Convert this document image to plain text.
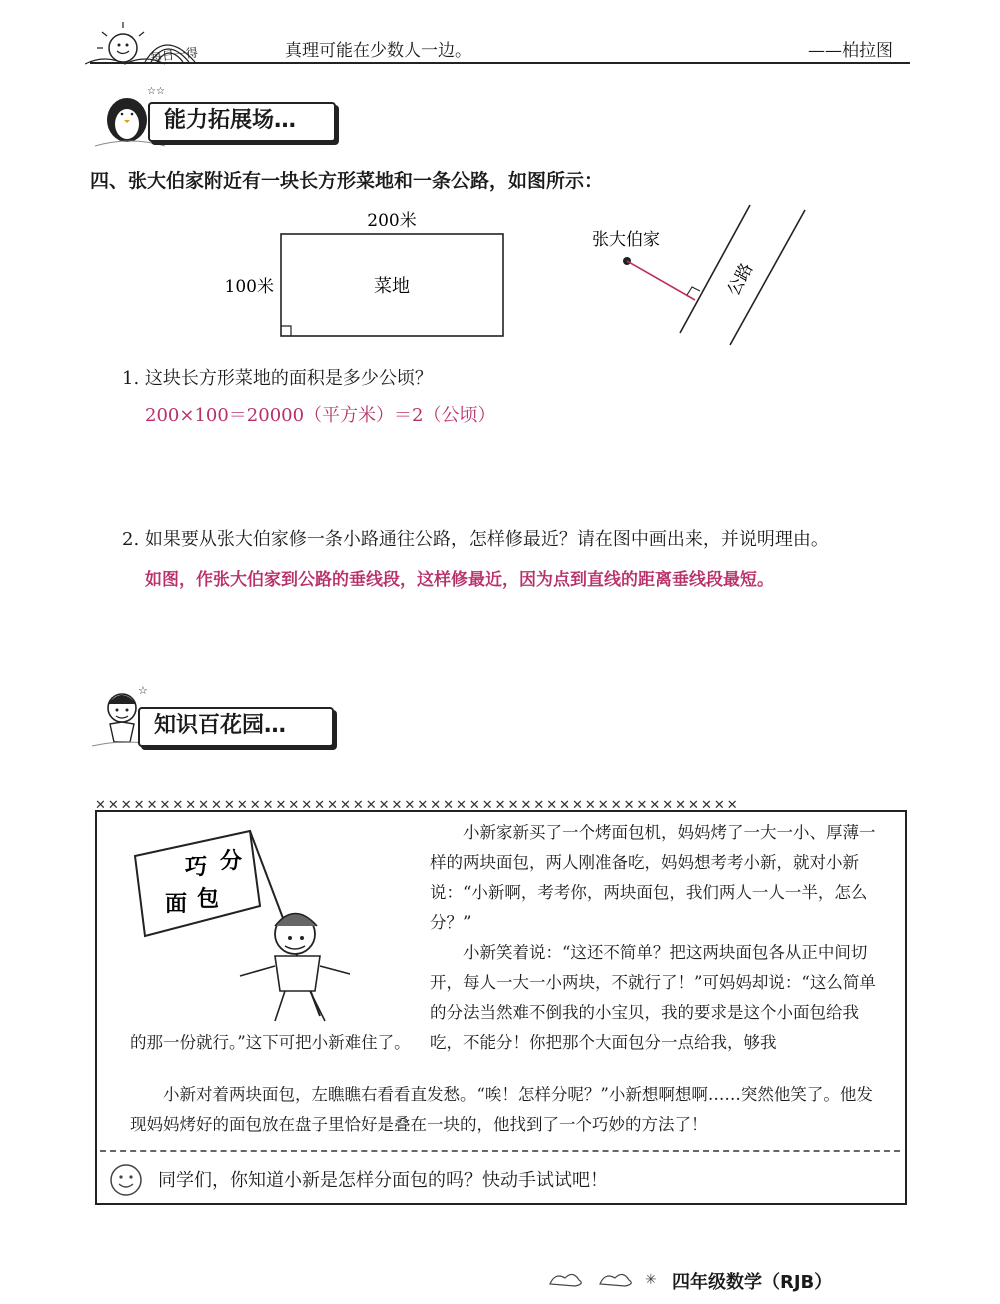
每日一得	真理可能在少数人一边。	——柏拉图
☆☆
能力拓展场…
四、张大伯家附近有一块长方形菜地和一条公路，如图所示：
200米
100米	菜地	公路
张大伯家
1. 这块长方形菜地的面积是多少公顷？
200×100＝20000（平方米）＝2（公顷）
2. 如果要从张大伯家修一条小路通往公路，怎样修最近？请在图中画出来，并说明理由。
如图，作张大伯家到公路的垂线段，这样修最近，因为点到直线的距离垂线段最短。
☆
知识百花园…
✕✕✕✕✕✕✕✕✕✕✕✕✕✕✕✕✕✕✕✕✕✕✕✕✕✕✕✕✕✕✕✕✕✕✕✕✕✕✕✕✕✕✕✕✕✕✕✕✕✕
巧 分
面 包
小新家新买了一个烤面包机，妈妈烤了一大一小、厚薄一样的两块面包，两人刚准备吃，妈妈想考考小新，就对小新说：“小新啊，考考你，两块面包，我们两人一人一半，怎么分？”
小新笑着说：“这还不简单？把这两块面包各从正中间切开，每人一大一小两块，不就行了！”可妈妈却说：“这么简单的分法当然难不倒我的小宝贝，我的要求是这个小面包给我吃，不能分！你把那个大面包分一点给我，够我
的那一份就行。”这下可把小新难住了。
小新对着两块面包，左瞧瞧右看看直发愁。“唉！怎样分呢？”小新想啊想啊……突然他笑了。他发现妈妈烤好的面包放在盘子里恰好是叠在一块的，他找到了一个巧妙的方法了！
同学们，你知道小新是怎样分面包的吗？快动手试试吧！
✳ 四年级数学（RJB）
